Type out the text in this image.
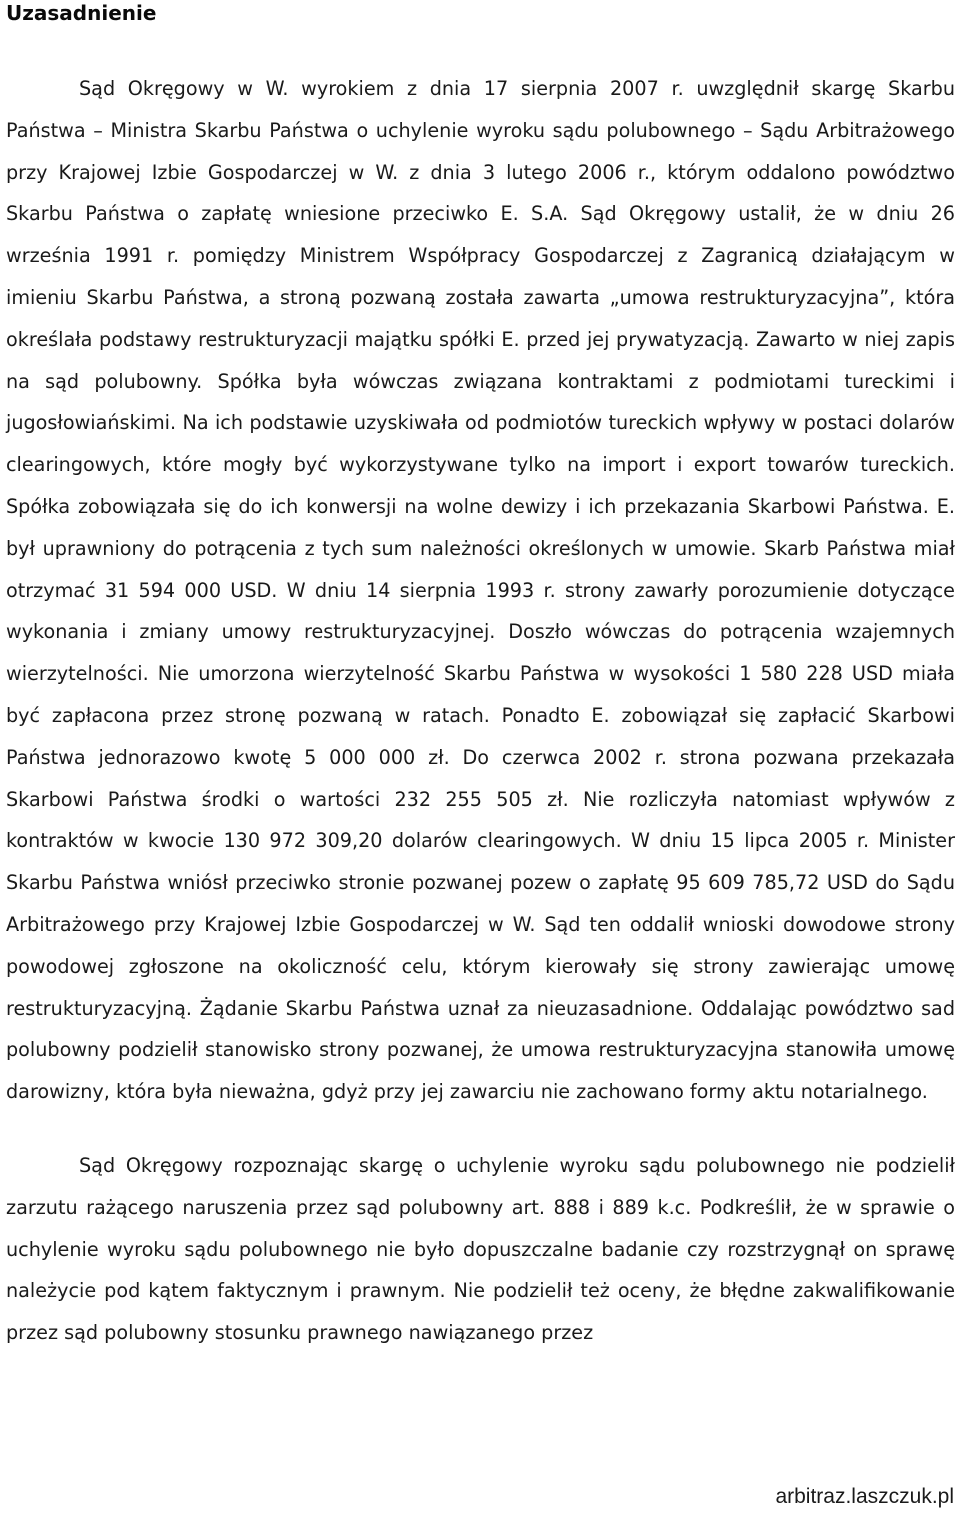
Uzasadnienie

Sąd Okręgowy w W. wyrokiem z dnia 17 sierpnia 2007 r. uwzględnił skargę Skarbu Państwa – Ministra Skarbu Państwa o uchylenie wyroku sądu polubownego – Sądu Arbitrażowego przy Krajowej Izbie Gospodarczej w W. z dnia 3 lutego 2006 r., którym oddalono powództwo Skarbu Państwa o zapłatę wniesione przeciwko E. S.A. Sąd Okręgowy ustalił, że w dniu 26 września 1991 r. pomiędzy Ministrem Współpracy Gospodarczej z Zagranicą działającym w imieniu Skarbu Państwa, a stroną pozwaną została zawarta „umowa restrukturyzacyjna”, która określała podstawy restrukturyzacji majątku spółki E. przed jej prywatyzacją. Zawarto w niej zapis na sąd polubowny. Spółka była wówczas związana kontraktami z podmiotami tureckimi i jugosłowiańskimi. Na ich podstawie uzyskiwała od podmiotów tureckich wpływy w postaci dolarów clearingowych, które mogły być wykorzystywane tylko na import i export towarów tureckich. Spółka zobowiązała się do ich konwersji na wolne dewizy i ich przekazania Skarbowi Państwa. E. był uprawniony do potrącenia z tych sum należności określonych w umowie. Skarb Państwa miał otrzymać 31 594 000 USD. W dniu 14 sierpnia 1993 r. strony zawarły porozumienie dotyczące wykonania i zmiany umowy restrukturyzacyjnej. Doszło wówczas do potrącenia wzajemnych wierzytelności. Nie umorzona wierzytelność Skarbu Państwa w wysokości 1 580 228 USD miała być zapłacona przez stronę pozwaną w ratach. Ponadto E. zobowiązał się zapłacić Skarbowi Państwa jednorazowo kwotę 5 000 000 zł. Do czerwca 2002 r. strona pozwana przekazała Skarbowi Państwa środki o wartości 232 255 505 zł. Nie rozliczyła natomiast wpływów z kontraktów w kwocie 130 972 309,20 dolarów clearingowych. W dniu 15 lipca 2005 r. Minister Skarbu Państwa wniósł przeciwko stronie pozwanej pozew o zapłatę 95 609 785,72 USD do Sądu Arbitrażowego przy Krajowej Izbie Gospodarczej w W. Sąd ten oddalił wnioski dowodowe strony powodowej zgłoszone na okoliczność celu, którym kierowały się strony zawierając umowę restrukturyzacyjną. Żądanie Skarbu Państwa uznał za nieuzasadnione. Oddalając powództwo sad polubowny podzielił stanowisko strony pozwanej, że umowa restrukturyzacyjna stanowiła umowę darowizny, która była nieważna, gdyż przy jej zawarciu nie zachowano formy aktu notarialnego.

Sąd Okręgowy rozpoznając skargę o uchylenie wyroku sądu polubownego nie podzielił zarzutu rażącego naruszenia przez sąd polubowny art. 888 i 889 k.c. Podkreślił, że w sprawie o uchylenie wyroku sądu polubownego nie było dopuszczalne badanie czy rozstrzygnął on sprawę należycie pod kątem faktycznym i prawnym. Nie podzielił też oceny, że błędne zakwalifikowanie przez sąd polubowny stosunku prawnego nawiązanego przez

arbitraz.laszczuk.pl
